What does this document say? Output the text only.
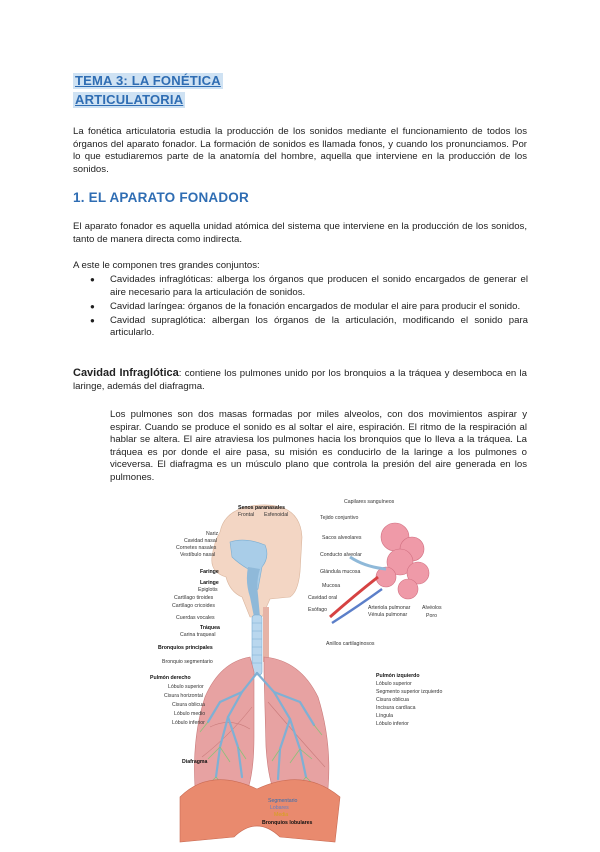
TEMA 3: LA FONÉTICA
ARTICULATORIA
La fonética articulatoria estudia la producción de los sonidos mediante el funcionamiento de todos los órganos del aparato fonador. La formación de sonidos es llamada fonos, y cuando los pronunciamos. Por lo que estudiaremos parte de la anatomía del hombre, aquella que interviene en la producción de los sonidos.
1. EL APARATO FONADOR
El aparato fonador es aquella unidad atómica del sistema que interviene en la producción de los sonidos, tanto de manera directa como indirecta.
A este le componen tres grandes conjuntos:
● Cavidades infraglóticas: alberga los órganos que producen el sonido encargados de generar el aire necesario para la articulación de sonidos.
● Cavidad laríngea: órganos de la fonación encargados de modular el aire para producir el sonido.
● Cavidad supraglótica: albergan los órganos de la articulación, modificando el sonido para articularlo.
Cavidad Infraglótica: contiene los pulmones unido por los bronquios a la tráquea y desemboca en la laringe, además del diafragma.
Los pulmones son dos masas formadas por miles alveolos, con dos movimientos aspirar y espirar. Cuando se produce el sonido es al soltar el aire, espiración. El ritmo de la respiración al hablar se altera. El aire atraviesa los pulmones hacia los bronquios que lo lleva a la tráquea. La tráquea es por donde el aire pasa, su misión es conducirlo de la laringe a los pulmones o viceversa. El diafragma es un músculo plano que controla la presión del aire generada en los pulmones.
Senos paranasales
Frontal Esfenoidal
Nariz
Cavidad nasal
Cornetes nasales
Vestíbulo nasal
Faringe
Laringe
Epiglotis
Cartílago tiroides
Cartílago cricoides
Cuerdas vocales
Tráquea
Carina traqueal
Bronquios principales
Bronquio segmentario
Pulmón derecho
Lóbulo superior
Cisura horizontal
Cisura oblicua
Lóbulo medio
Lóbulo inferior
Diafragma
Capilares sanguíneos
Tejido conjuntivo
Sacos alveolares
Conducto alveolar
Glándula mucosa
Mucosa
Arteriola pulmonar
Vénula pulmonar
Alvéolos
Poro
Cavidad oral
Esófago
Anillos cartilaginosos
Pulmón izquierdo
Lóbulo superior
Segmento superior izquierdo
Cisura oblicua
Incisura cardíaca
Língula
Lóbulo inferior
Segmentario
Lobares
Media
Bronquios lobulares
